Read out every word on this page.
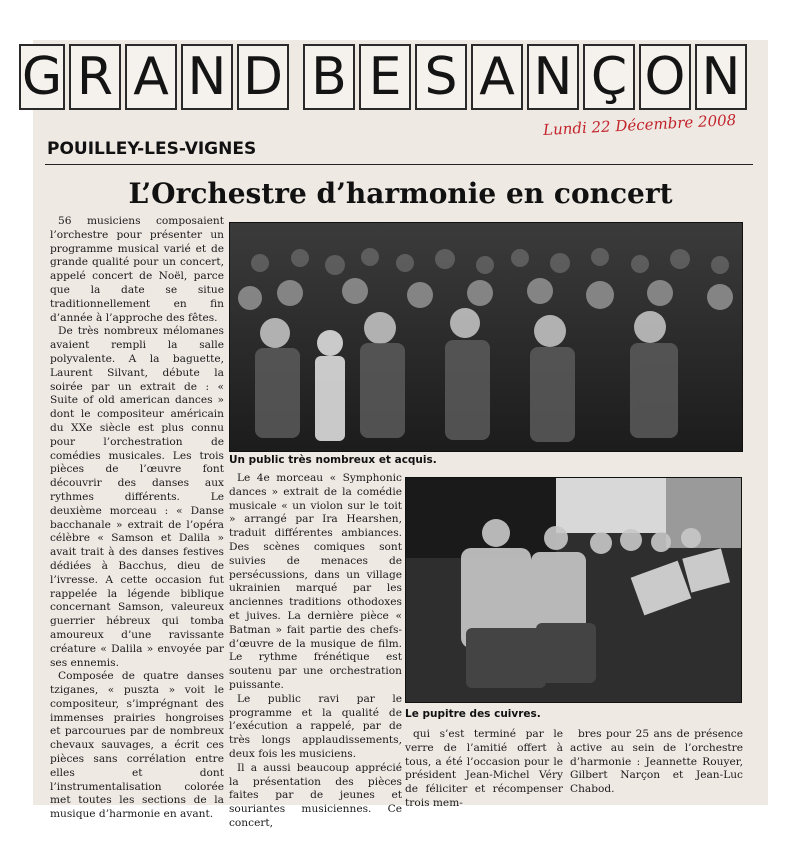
G R A N D B E S A N Ç O N
Lundi 22 Décembre 2008
POUILLEY-LES-VIGNES
L’Orchestre d’harmonie en concert

56 musiciens composaient l’orchestre pour présenter un programme musical varié et de grande qualité pour un concert, appelé concert de Noël, parce que la date se situe traditionnellement en fin d’année à l’approche des fêtes.

De très nombreux mélomanes avaient rempli la salle polyvalente. A la baguette, Laurent Silvant, débute la soirée par un extrait de : « Suite of old american dances » dont le compositeur américain du XXe siècle est plus connu pour l’orchestration de comédies musicales. Les trois pièces de l’œuvre font découvrir des danses aux rythmes différents. Le deuxième morceau : « Danse bacchanale » extrait de l’opéra célèbre « Samson et Dalila » avait trait à des danses festives dédiées à Bacchus, dieu de l’ivresse. A cette occasion fut rappelée la légende biblique concernant Samson, valeureux guerrier hébreux qui tomba amoureux d’une ravissante créature « Dalila » envoyée par ses ennemis.

Composée de quatre danses tziganes, « puszta » voit le compositeur, s’imprégnant des immenses prairies hongroises et parcourues par de nombreux chevaux sauvages, a écrit ces pièces sans corrélation entre elles et dont l’instrumentalisation colorée met toutes les sections de la musique d’harmonie en avant.

Un public très nombreux et acquis.

Le 4e morceau « Symphonic dances » extrait de la comédie musicale « un violon sur le toit » arrangé par Ira Hearshen, traduit différentes ambiances. Des scènes comiques sont suivies de menaces de persécussions, dans un village ukrainien marqué par les anciennes traditions othodoxes et juives. La dernière pièce « Batman » fait partie des chefs-d’œuvre de la musique de film. Le rythme frénétique est soutenu par une orchestration puissante.

Le public ravi par le programme et la qualité de l’exécution a rappelé, par de très longs applaudissements, deux fois les musiciens.

Il a aussi beaucoup apprécié la présentation des pièces faites par de jeunes et souriantes musiciennes. Ce concert,

Le pupitre des cuivres.

qui s’est terminé par le verre de l’amitié offert à tous, a été l’occasion pour le président Jean-Michel Véry de féliciter et récompenser trois mem-

bres pour 25 ans de présence active au sein de l’orchestre d’harmonie : Jeannette Rouyer, Gilbert Narçon et Jean-Luc Chabod.
